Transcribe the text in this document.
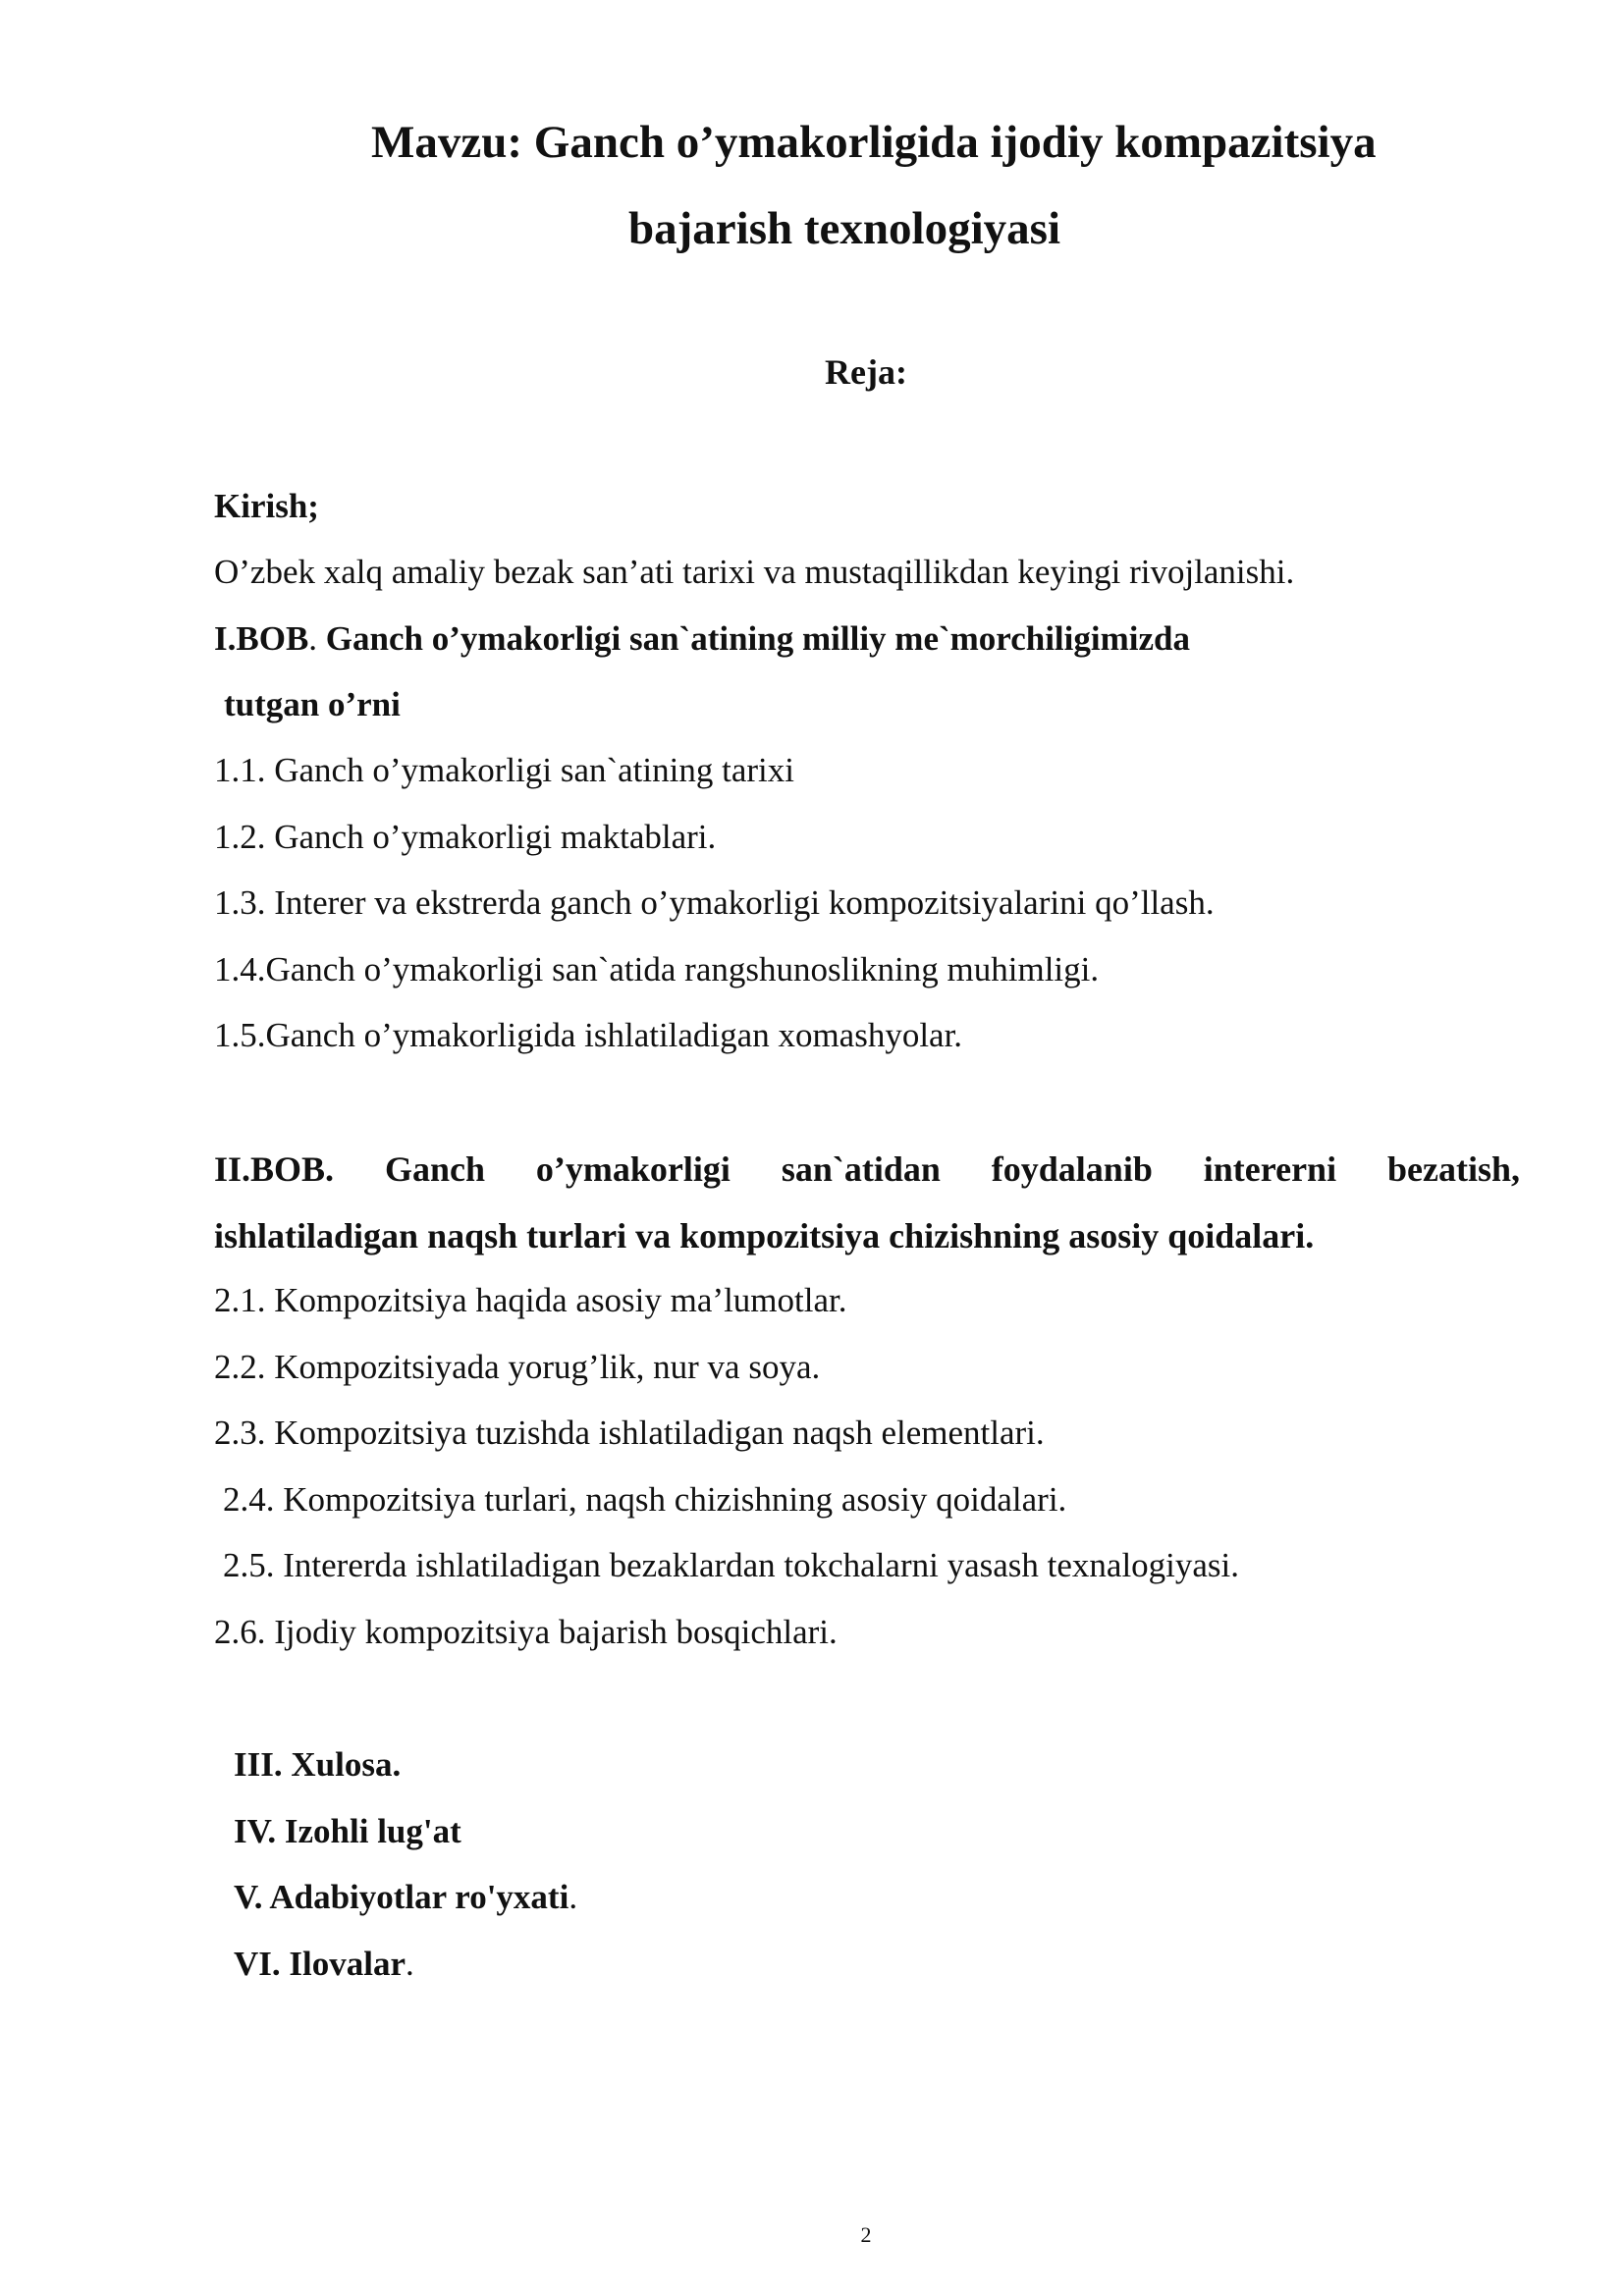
Mavzu: Ganch o’ymakorligida ijodiy kompazitsiya
bajarish texnologiyasi
Reja:
Kirish;
O’zbek xalq amaliy bezak san’ati tarixi va mustaqillikdan keyingi rivojlanishi.
I.BOB. Ganch o’ymakorligi san`atining milliy me`morchiligimizda
tutgan o’rni
1.1. Ganch o’ymakorligi san`atining tarixi
1.2. Ganch o’ymakorligi maktablari.
1.3. Interer va ekstrerda ganch o’ymakorligi kompozitsiyalarini qo’llash.
1.4.Ganch o’ymakorligi san`atida rangshunoslikning muhimligi.
1.5.Ganch o’ymakorligida ishlatiladigan xomashyolar.
II.BOB. Ganch o’ymakorligi san`atidan foydalanib intererni bezatish,
ishlatiladigan naqsh turlari va kompozitsiya chizishning asosiy qoidalari.
2.1. Kompozitsiya haqida asosiy ma’lumotlar.
2.2. Kompozitsiyada yorug’lik, nur va soya.
2.3. Kompozitsiya tuzishda ishlatiladigan naqsh elementlari.
2.4. Kompozitsiya turlari, naqsh chizishning asosiy qoidalari.
2.5. Intererda ishlatiladigan bezaklardan tokchalarni yasash texnalogiyasi.
2.6. Ijodiy kompozitsiya bajarish bosqichlari.
III. Xulosa.
IV. Izohli lug'at
V. Adabiyotlar ro'yxati.
VI. Ilovalar.
2
